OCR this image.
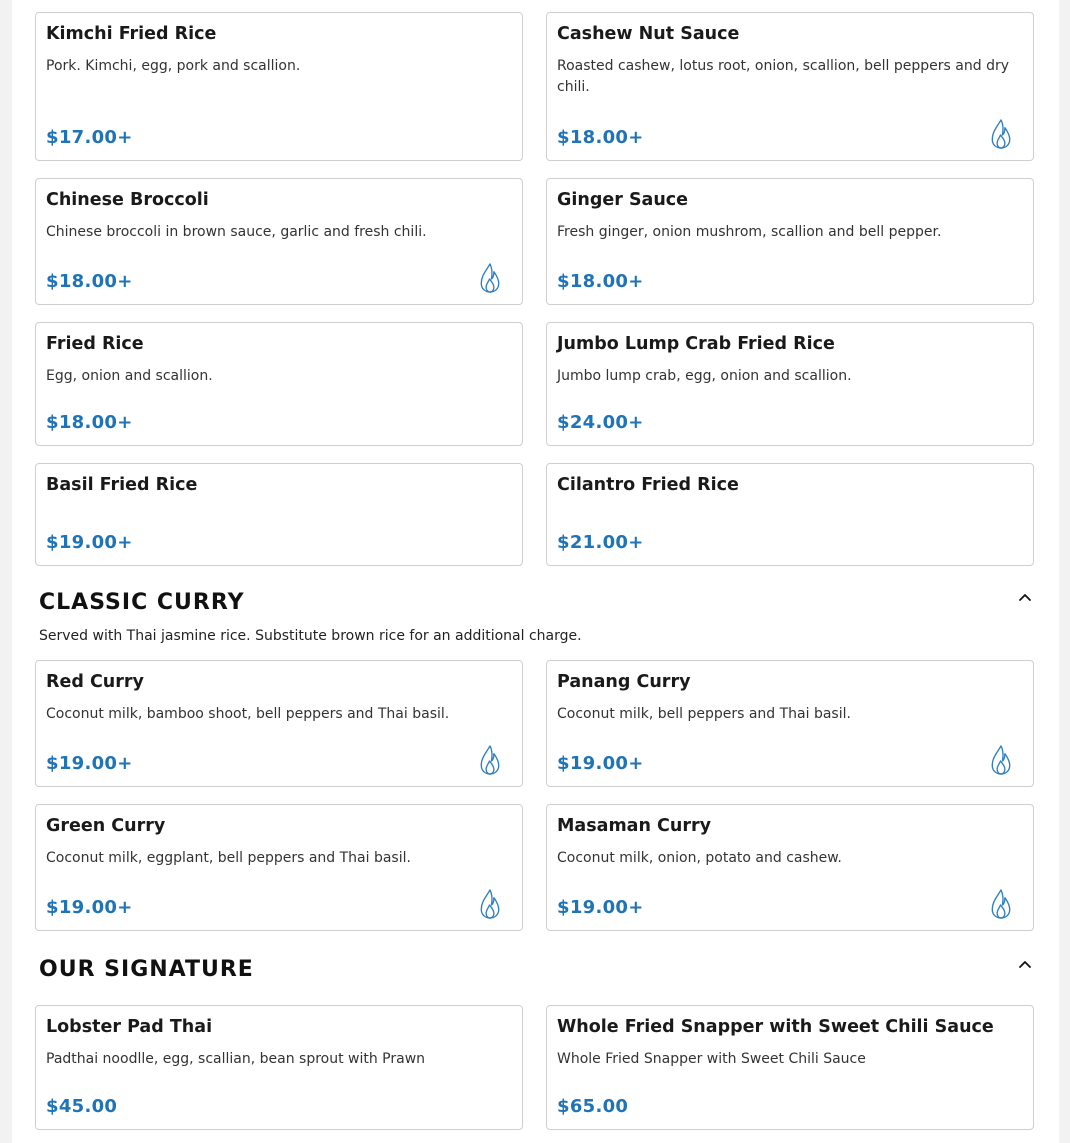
Kimchi Fried Rice
Pork. Kimchi, egg, pork and scallion.
$17.00+
Cashew Nut Sauce
Roasted cashew, lotus root, onion, scallion, bell peppers and dry chili.
$18.00+
Chinese Broccoli
Chinese broccoli in brown sauce, garlic and fresh chili.
$18.00+
Ginger Sauce
Fresh ginger, onion mushrom, scallion and bell pepper.
$18.00+
Fried Rice
Egg, onion and scallion.
$18.00+
Jumbo Lump Crab Fried Rice
Jumbo lump crab, egg, onion and scallion.
$24.00+
Basil Fried Rice
$19.00+
Cilantro Fried Rice
$21.00+
CLASSIC CURRY
Served with Thai jasmine rice. Substitute brown rice for an additional charge.
Red Curry
Coconut milk, bamboo shoot, bell peppers and Thai basil.
$19.00+
Panang Curry
Coconut milk, bell peppers and Thai basil.
$19.00+
Green Curry
Coconut milk, eggplant, bell peppers and Thai basil.
$19.00+
Masaman Curry
Coconut milk, onion, potato and cashew.
$19.00+
OUR SIGNATURE
Lobster Pad Thai
Padthai noodlle, egg, scallian, bean sprout with Prawn
$45.00
Whole Fried Snapper with Sweet Chili Sauce
Whole Fried Snapper with Sweet Chili Sauce
$65.00
